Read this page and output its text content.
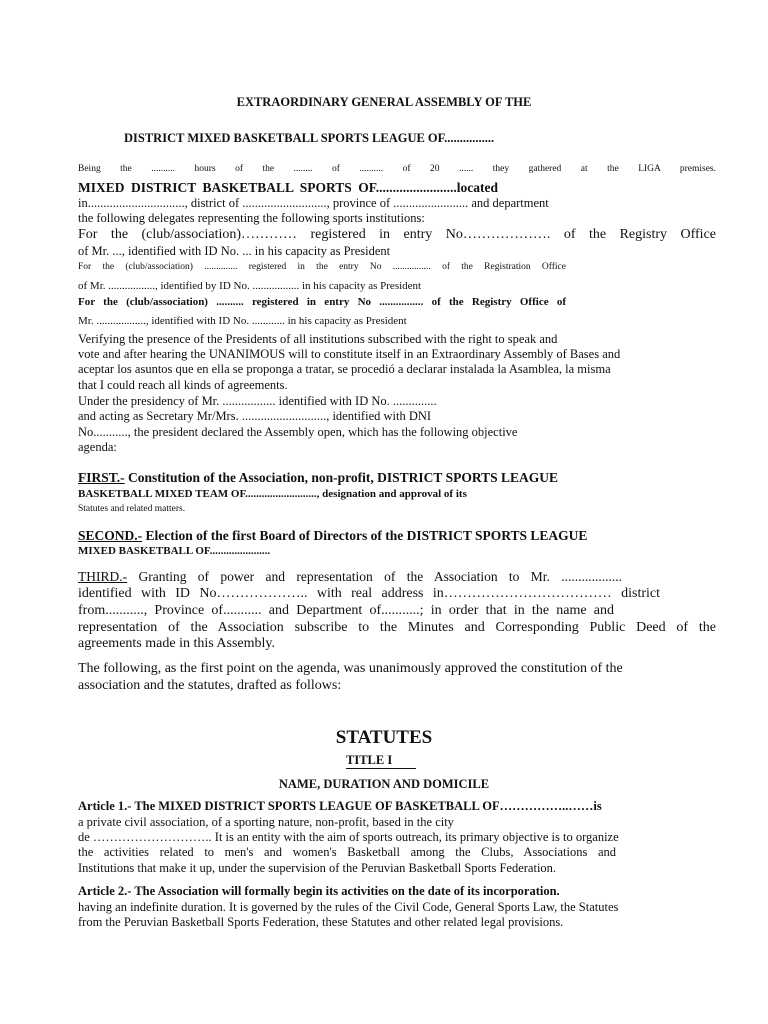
EXTRAORDINARY GENERAL ASSEMBLY OF THE
DISTRICT MIXED BASKETBALL SPORTS LEAGUE OF................
Being the .......... hours of the ........ of .......... of 20 ...... they gathered at the LIGA premises.
MIXED DISTRICT BASKETBALL SPORTS OF........................located
in..............................., district of ..........................., province of ........................ and department
the following delegates representing the following sports institutions:
For the (club/association)………… registered in entry No………………. of the Registry Office
of Mr. ..., identified with ID No. ... in his capacity as President
For the (club/association) .............. registered in the entry No ................ of the Registration Office
of Mr. ................., identified by ID No. ................. in his capacity as President
For the (club/association) .......... registered in entry No ................ of the Registry Office of
Mr. .................., identified with ID No. ............ in his capacity as President
Verifying the presence of the Presidents of all institutions subscribed with the right to speak and
vote and after hearing the UNANIMOUS will to constitute itself in an Extraordinary Assembly of Bases and
aceptar los asuntos que en ella se proponga a tratar, se procedió a declarar instalada la Asamblea, la misma
that I could reach all kinds of agreements.
Under the presidency of Mr. ................. identified with ID No. ..............
and acting as Secretary Mr/Mrs. ..........................., identified with DNI
No..........., the president declared the Assembly open, which has the following objective
agenda:
FIRST.- Constitution of the Association, non-profit, DISTRICT SPORTS LEAGUE
BASKETBALL MIXED TEAM OF.........................., designation and approval of its
Statutes and related matters.
SECOND.- Election of the first Board of Directors of the DISTRICT SPORTS LEAGUE
MIXED BASKETBALL OF......................
THIRD.- Granting of power and representation of the Association to Mr. ..................
identified with ID No……………….. with real address in……………………………… district
from..........., Province of........... and Department of...........; in order that in the name and
representation of the Association subscribe to the Minutes and Corresponding Public Deed of the
agreements made in this Assembly.
The following, as the first point on the agenda, was unanimously approved the constitution of the
association and the statutes, drafted as follows:
STATUTES
TITLE I
NAME, DURATION AND DOMICILE
Article 1.- The MIXED DISTRICT SPORTS LEAGUE OF BASKETBALL OF……………..……is
a private civil association, of a sporting nature, non-profit, based in the city
de ……………………….. It is an entity with the aim of sports outreach, its primary objective is to organize
the activities related to men's and women's Basketball among the Clubs, Associations and
Institutions that make it up, under the supervision of the Peruvian Basketball Sports Federation.
Article 2.- The Association will formally begin its activities on the date of its incorporation.
having an indefinite duration. It is governed by the rules of the Civil Code, General Sports Law, the Statutes
from the Peruvian Basketball Sports Federation, these Statutes and other related legal provisions.
